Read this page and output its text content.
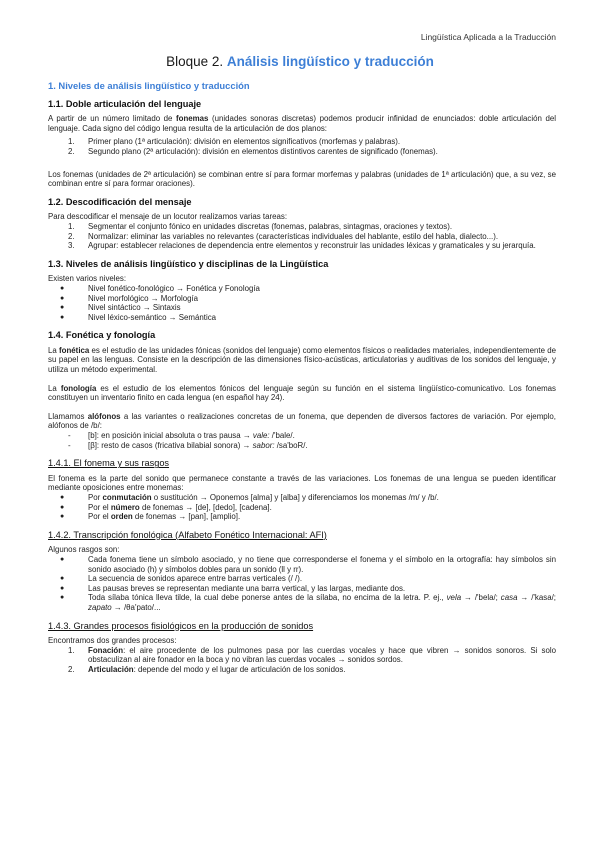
Lingüística Aplicada a la Traducción
Bloque 2. Análisis lingüístico y traducción
1. Niveles de análisis lingüístico y traducción
1.1. Doble articulación del lenguaje

A partir de un número limitado de fonemas (unidades sonoras discretas) podemos producir infinidad de enunciados: doble articulación del lenguaje. Cada signo del código lengua resulta de la articulación de dos planos:

1. Primer plano (1ª articulación): división en elementos significativos (morfemas y palabras).
2. Segundo plano (2ª articulación): división en elementos distintivos carentes de significado (fonemas).

Los fonemas (unidades de 2ª articulación) se combinan entre sí para formar morfemas y palabras (unidades de 1ª articulación) que, a su vez, se combinan entre sí para formar oraciones).

1.2. Descodificación del mensaje

Para descodificar el mensaje de un locutor realizamos varias tareas:

1. Segmentar el conjunto fónico en unidades discretas (fonemas, palabras, sintagmas, oraciones y textos).
2. Normalizar: eliminar las variables no relevantes (características individuales del hablante, estilo del habla, dialecto...).
3. Agrupar: establecer relaciones de dependencia entre elementos y reconstruir las unidades léxicas y gramaticales y su jerarquía.
1.3. Niveles de análisis lingüístico y disciplinas de la Lingüística

Existen varios niveles:

●	Nivel fonético-fonológico → Fonética y Fonología
●	Nivel morfológico → Morfología
●	Nivel sintáctico → Sintaxis
●	Nivel léxico-semántico → Semántica
1.4. Fonética y fonología

La fonética es el estudio de las unidades fónicas (sonidos del lenguaje) como elementos físicos o realidades materiales, independientemente de su papel en las lenguas. Consiste en la descripción de las dimensiones físico-acústicas, articulatorias y auditivas de los sonidos del lenguaje, y utiliza un método experimental.

La fonología es el estudio de los elementos fónicos del lenguaje según su función en el sistema lingüístico-comunicativo. Los fonemas constituyen un inventario finito en cada lengua (en español hay 24).

Llamamos alófonos a las variantes o realizaciones concretas de un fonema, que dependen de diversos factores de variación. Por ejemplo, alófonos de /b/:

- [b]: en posición inicial absoluta o tras pausa → vale: /'bale/.
- [β]: resto de casos (fricativa bilabial sonora) → sabor: /sa'boR/.
1.4.1. El fonema y sus rasgos

El fonema es la parte del sonido que permanece constante a través de las variaciones. Los fonemas de una lengua se pueden identificar mediante oposiciones entre monemas:

●	Por conmutación o sustitución → Oponemos [alma] y [alba] y diferenciamos los monemas /m/ y /b/.
●	Por el número de fonemas → [de], [dedo], [cadena].
●	Por el orden de fonemas → [pan], [amplio].
1.4.2. Transcripción fonológica (Alfabeto Fonético Internacional: AFI)

Algunos rasgos son:

●	Cada fonema tiene un símbolo asociado, y no tiene que corresponderse el fonema y el símbolo en la ortografía: hay símbolos sin sonido asociado (h) y símbolos dobles para un sonido (ll y rr).
●	La secuencia de sonidos aparece entre barras verticales (/ /).
●	Las pausas breves se representan mediante una barra vertical, y las largas, mediante dos.
●	Toda sílaba tónica lleva tilde, la cual debe ponerse antes de la sílaba, no encima de la letra. P. ej., vela → /'bela/; casa → /'kasa/; zapato → /θa'pato/...
1.4.3. Grandes procesos fisiológicos en la producción de sonidos

Encontramos dos grandes procesos:

1. Fonación: el aire procedente de los pulmones pasa por las cuerdas vocales y hace que vibren → sonidos sonoros. Si solo obstaculizan al aire fonador en la boca y no vibran las cuerdas vocales → sonidos sordos.
2. Articulación: depende del modo y el lugar de articulación de los sonidos.
